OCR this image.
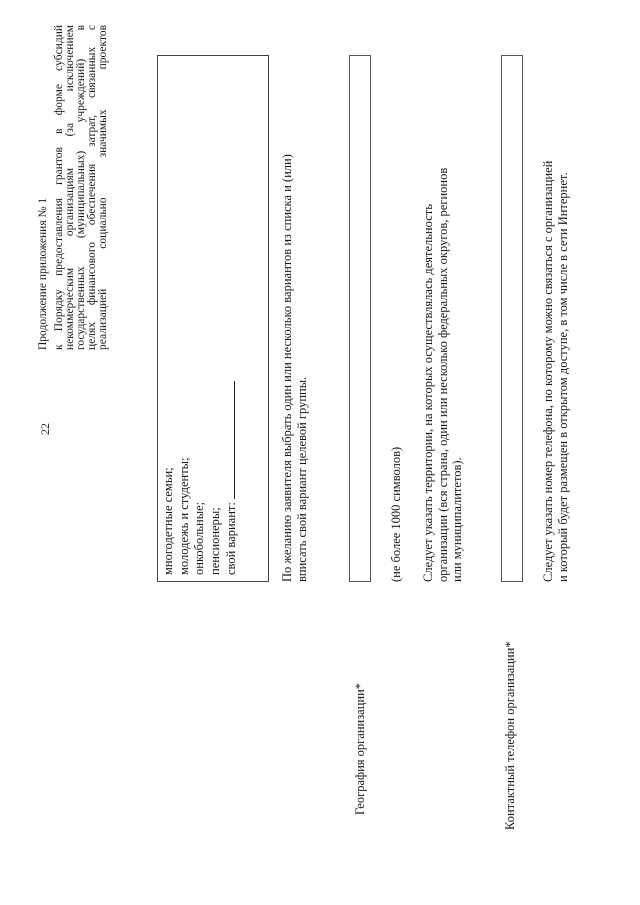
22
Продолжение приложения № 1 к Порядку предоставления грантов в форме субсидий некоммерческим организациям (за исключением государственных (муниципальных) учреждений) в целях финансового обеспечения затрат, связанных с реализацией социально значимых проектов
многодетные семьи; молодежь и студенты; онкобольные; пенсионеры; свой вариант:	По желанию заявителя выбрать один или несколько вариантов из списка и (или) вписать свой вариант целевой группы.
География организации*
(не более 1000 символов) Следует указать территории, на которых осуществлялась деятельность организации (вся страна, один или несколько федеральных округов, регионов или муниципалитетов).
Контактный телефон организации*
Следует указать номер телефона, по которому можно связаться с организацией и который будет размещен в открытом доступе, в том числе в сети Интернет.
